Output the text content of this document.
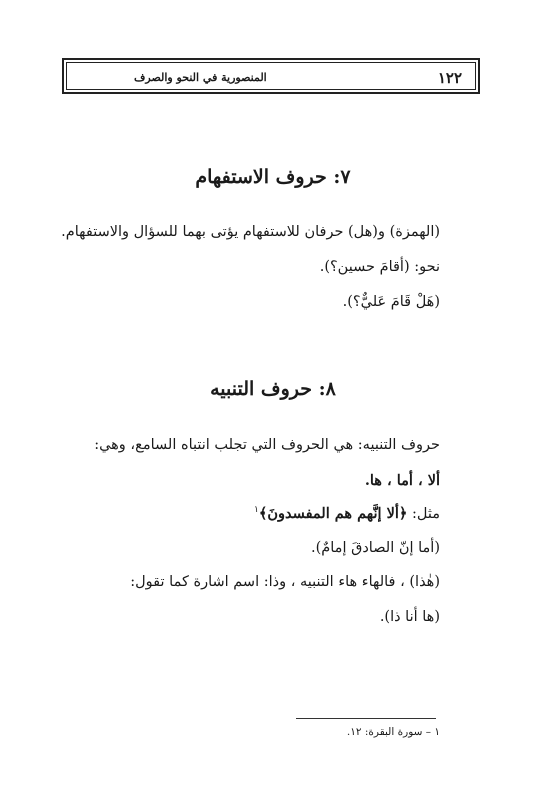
المنصورية في النحو والصرف	١٢٢
٧: حروف الاستفهام
(الهمزة) و(هل) حرفان للاستفهام يؤتى بهما للسؤال والاستفهام.
نحو: (أقامَ حسين؟).
(هَلْ قَامَ عَليٌّ؟).
٨: حروف التنبيه
حروف التنبيه: هي الحروف التي تجلب انتباه السامع، وهي:
ألا ، أما ، ها.
مثل: ﴿ألا إنَّهم هم المفسدونَ﴾$^١$
(أما إنّ الصادقَ إمامٌ).
(هٰذا) ، فالهاء هاء التنبيه ، وذا: اسم اشارة كما تقول:
(ها أنا ذا).
١ – سورة البقرة: ١٢.
